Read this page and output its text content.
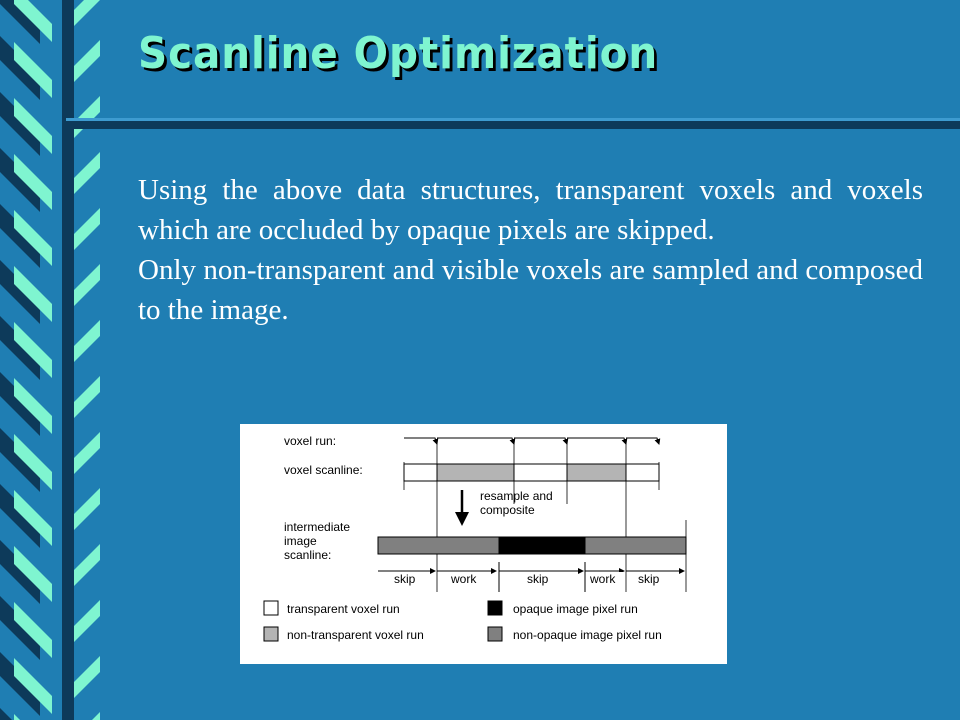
Scanline Optimization

Using the above data structures, transparent voxels and voxels which are occluded by opaque pixels are skipped.

Only non-transparent and visible voxels are sampled and composed to the image.

voxel run:
voxel scanline:
intermediate
image
scanline:
resample and
composite
skip	work	skip	work skip
transparent voxel run	opaque image pixel run
non-transparent voxel run	non-opaque image pixel run
